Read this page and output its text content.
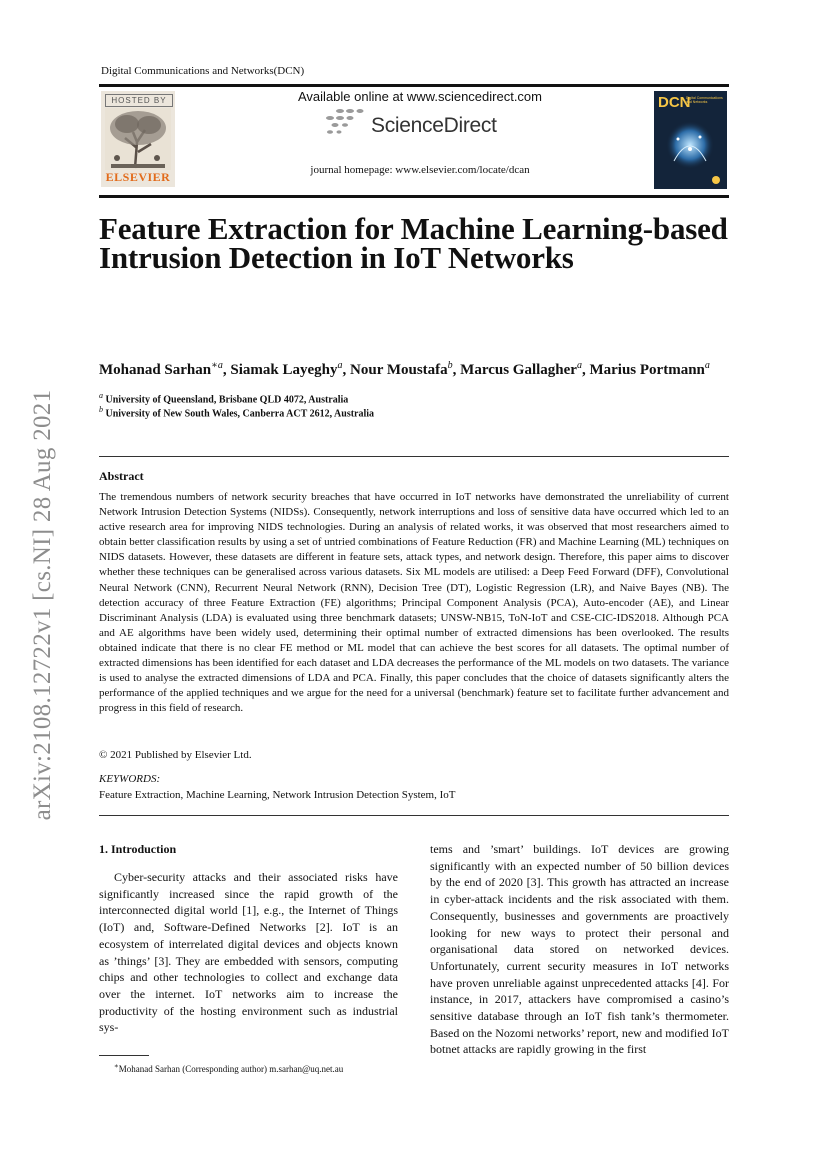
arXiv:2108.12722v1 [cs.NI] 28 Aug 2021
Digital Communications and Networks(DCN)
HOSTED BY
ELSEVIER
Available online at www.sciencedirect.com
ScienceDirect
journal homepage: www.elsevier.com/locate/dcan
DCN
Digital Communications and Networks
Feature Extraction for Machine Learning-based Intrusion Detection in IoT Networks
Mohanad Sarhan$^{∗a}$, Siamak Layeghy$^a$, Nour Moustafa$^b$, Marcus Gallagher$^a$, Marius Portmann$^a$
$^a$ University of Queensland, Brisbane QLD 4072, Australia
$^b$ University of New South Wales, Canberra ACT 2612, Australia
Abstract

The tremendous numbers of network security breaches that have occurred in IoT networks have demonstrated the unreliability of current Network Intrusion Detection Systems (NIDSs). Consequently, network interruptions and loss of sensitive data have occurred which led to an active research area for improving NIDS technologies. During an analysis of related works, it was observed that most researchers aimed to obtain better classification results by using a set of untried combinations of Feature Reduction (FR) and Machine Learning (ML) techniques on NIDS datasets. However, these datasets are different in feature sets, attack types, and network design. Therefore, this paper aims to discover whether these techniques can be generalised across various datasets. Six ML models are utilised: a Deep Feed Forward (DFF), Convolutional Neural Network (CNN), Recurrent Neural Network (RNN), Decision Tree (DT), Logistic Regression (LR), and Naive Bayes (NB). The detection accuracy of three Feature Extraction (FE) algorithms; Principal Component Analysis (PCA), Auto-encoder (AE), and Linear Discriminant Analysis (LDA) is evaluated using three benchmark datasets; UNSW-NB15, ToN-IoT and CSE-CIC-IDS2018. Although PCA and AE algorithms have been widely used, determining their optimal number of extracted dimensions has been overlooked. The results obtained indicate that there is no clear FE method or ML model that can achieve the best scores for all datasets. The optimal number of extracted dimensions has been identified for each dataset and LDA decreases the performance of the ML models on two datasets. The variance is used to analyse the extracted dimensions of LDA and PCA. Finally, this paper concludes that the choice of datasets significantly alters the performance of the applied techniques and we argue for the need for a universal (benchmark) feature set to facilitate further advancement and progress in this field of research.

© 2021 Published by Elsevier Ltd.
KEYWORDS:
Feature Extraction, Machine Learning, Network Intrusion Detection System, IoT
1. Introduction

Cyber-security attacks and their associated risks have significantly increased since the rapid growth of the interconnected digital world [1], e.g., the Internet of Things (IoT) and, Software-Defined Networks [2]. IoT is an ecosystem of interrelated digital devices and objects known as ’things’ [3]. They are embedded with sensors, computing chips and other technologies to collect and exchange data over the internet. IoT networks aim to increase the productivity of the hosting environment such as industrial sys-

tems and ’smart’ buildings. IoT devices are growing significantly with an expected number of 50 billion devices by the end of 2020 [3]. This growth has attracted an increase in cyber-attack incidents and the risk associated with them. Consequently, businesses and governments are proactively looking for new ways to protect their personal and organisational data stored on networked devices. Unfortunately, current security measures in IoT networks have proven unreliable against unprecedented attacks [4]. For instance, in 2017, attackers have compromised a casino’s sensitive database through an IoT fish tank’s thermometer. Based on the Nozomi networks’ report, new and modified IoT botnet attacks are rapidly growing in the first

∗Mohanad Sarhan (Corresponding author) m.sarhan@uq.net.au
